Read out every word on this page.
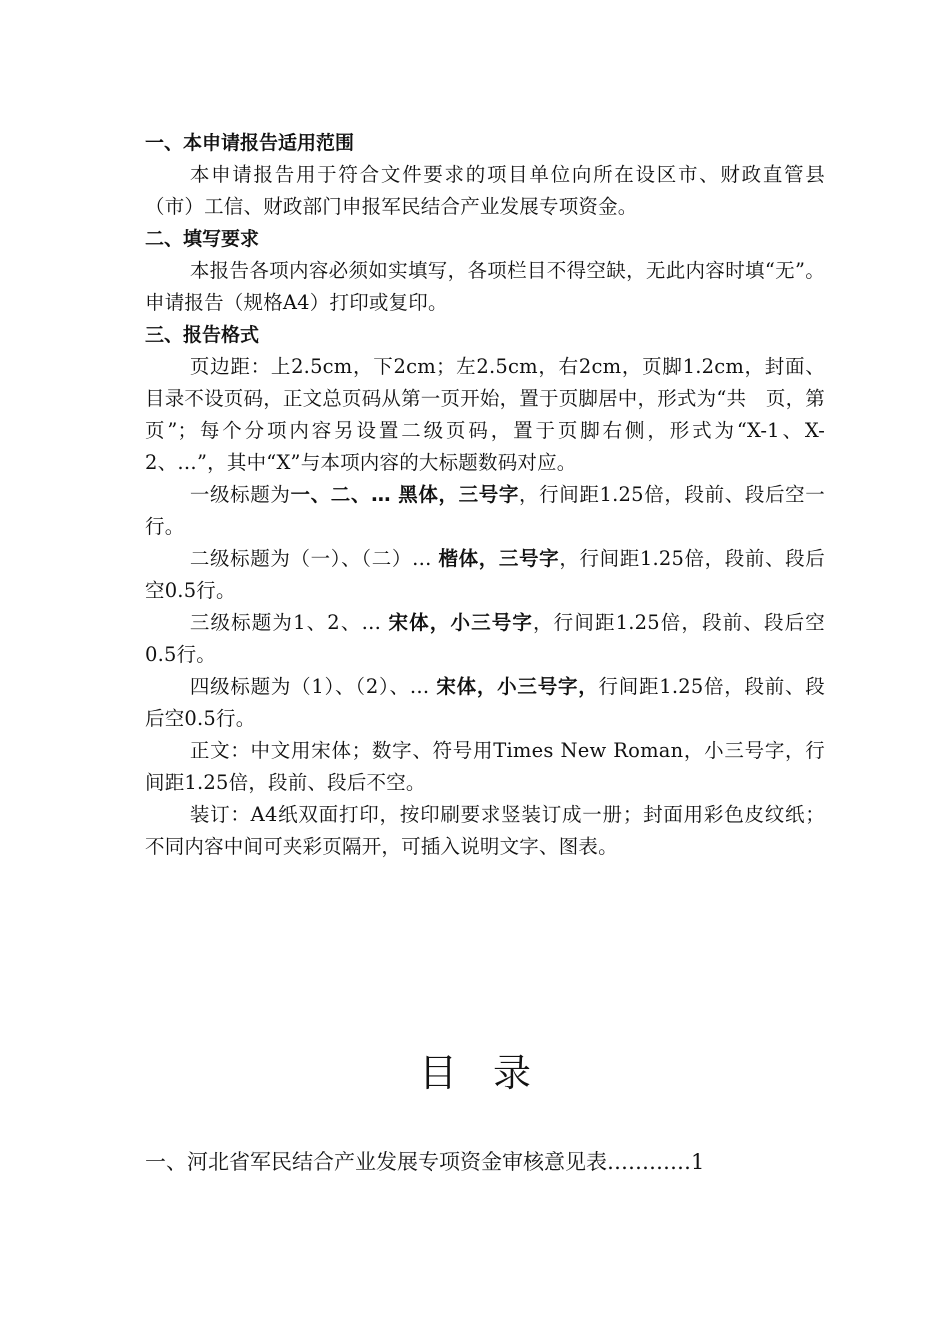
一、本申请报告适用范围
本申请报告用于符合文件要求的项目单位向所在设区市、财政直管县（市）工信、财政部门申报军民结合产业发展专项资金。
二、填写要求
本报告各项内容必须如实填写，各项栏目不得空缺，无此内容时填“无”。申请报告（规格A4）打印或复印。
三、报告格式
页边距：上2.5cm，下2cm；左2.5cm，右2cm，页脚1.2cm，封面、目录不设页码，正文总页码从第一页开始，置于页脚居中，形式为“共　页，第　页”；每个分项内容另设置二级页码，置于页脚右侧，形式为“X-1、X-2、…”，其中“X”与本项内容的大标题数码对应。
一级标题为一、二、… 黑体，三号字，行间距1.25倍，段前、段后空一行。
二级标题为（一）、（二）… 楷体，三号字，行间距1.25倍，段前、段后空0.5行。
三级标题为1、2、… 宋体，小三号字，行间距1.25倍，段前、段后空0.5行。
四级标题为（1）、（2）、… 宋体，小三号字，行间距1.25倍，段前、段后空0.5行。
正文：中文用宋体；数字、符号用Times New Roman，小三号字，行间距1.25倍，段前、段后不空。
装订：A4纸双面打印，按印刷要求竖装订成一册；封面用彩色皮纹纸；不同内容中间可夹彩页隔开，可插入说明文字、图表。
目录
一、河北省军民结合产业发展专项资金审核意见表…………1
